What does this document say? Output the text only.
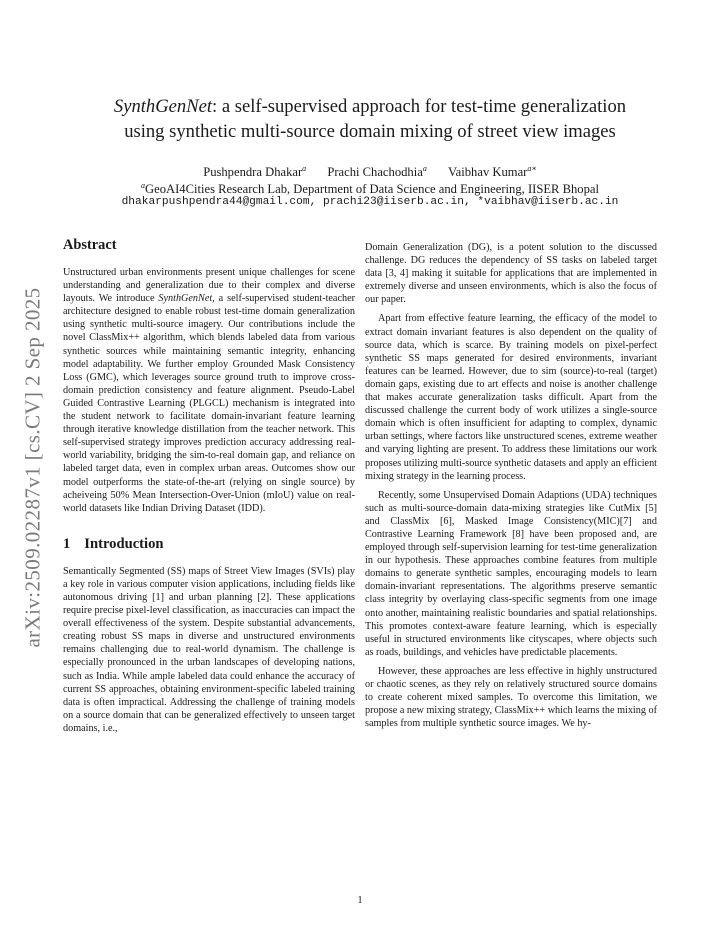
arXiv:2509.02287v1 [cs.CV] 2 Sep 2025
SynthGenNet: a self-supervised approach for test-time generalization
using synthetic multi-source domain mixing of street view images
Pushpendra Dhakar$^a$ Prachi Chachodhia$^a$ Vaibhav Kumar$^{a∗}$
$^a$GeoAI4Cities Research Lab, Department of Data Science and Engineering, IISER Bhopal
dhakarpushpendra44@gmail.com, prachi23@iiserb.ac.in, *vaibhav@iiserb.ac.in
Abstract

Unstructured urban environments present unique challenges for scene understanding and generalization due to their complex and diverse layouts. We introduce SynthGenNet, a self-supervised student-teacher architecture designed to enable robust test-time domain generalization using synthetic multi-source imagery. Our contributions include the novel ClassMix++ algorithm, which blends labeled data from various synthetic sources while maintaining semantic integrity, enhancing model adaptability. We further employ Grounded Mask Consistency Loss (GMC), which leverages source ground truth to improve cross-domain prediction consistency and feature alignment. Pseudo-Label Guided Contrastive Learning (PLGCL) mechanism is integrated into the student network to facilitate domain-invariant feature learning through iterative knowledge distillation from the teacher network. This self-supervised strategy improves prediction accuracy addressing real-world variability, bridging the sim-to-real domain gap, and reliance on labeled target data, even in complex urban areas. Outcomes show our model outperforms the state-of-the-art (relying on single source) by acheiveing 50% Mean Intersection-Over-Union (mIoU) value on real-world datasets like Indian Driving Dataset (IDD).

1 Introduction

Semantically Segmented (SS) maps of Street View Images (SVIs) play a key role in various computer vision applications, including fields like autonomous driving [1] and urban planning [2]. These applications require precise pixel-level classification, as inaccuracies can impact the overall effectiveness of the system. Despite substantial advancements, creating robust SS maps in diverse and unstructured environments remains challenging due to real-world dynamism. The challenge is especially pronounced in the urban landscapes of developing nations, such as India. While ample labeled data could enhance the accuracy of current SS approaches, obtaining environment-specific labeled training data is often impractical. Addressing the challenge of training models on a source domain that can be generalized effectively to unseen target domains, i.e.,

Domain Generalization (DG), is a potent solution to the discussed challenge. DG reduces the dependency of SS tasks on labeled target data [3, 4] making it suitable for applications that are implemented in extremely diverse and unseen environments, which is also the focus of our paper.

Apart from effective feature learning, the efficacy of the model to extract domain invariant features is also dependent on the quality of source data, which is scarce. By training models on pixel-perfect synthetic SS maps generated for desired environments, invariant features can be learned. However, due to sim (source)-to-real (target) domain gaps, existing due to art effects and noise is another challenge that makes accurate generalization tasks difficult. Apart from the discussed challenge the current body of work utilizes a single-source domain which is often insufficient for adapting to complex, dynamic urban settings, where factors like unstructured scenes, extreme weather and varying lighting are present. To address these limitations our work proposes utilizing multi-source synthetic datasets and apply an efficient mixing strategy in the learning process.

Recently, some Unsupervised Domain Adaptions (UDA) techniques such as multi-source-domain data-mixing strategies like CutMix [5] and ClassMix [6], Masked Image Consistency(MIC)[7] and Contrastive Learning Framework [8] have been proposed and, are employed through self-supervision learning for test-time generalization in our hypothesis. These approaches combine features from multiple domains to generate synthetic samples, encouraging models to learn domain-invariant representations. The algorithms preserve semantic class integrity by overlaying class-specific segments from one image onto another, maintaining realistic boundaries and spatial relationships. This promotes context-aware feature learning, which is especially useful in structured environments like cityscapes, where objects such as roads, buildings, and vehicles have predictable placements.

However, these approaches are less effective in highly unstructured or chaotic scenes, as they rely on relatively structured source domains to create coherent mixed samples. To overcome this limitation, we propose a new mixing strategy, ClassMix++ which learns the mixing of samples from multiple synthetic source images. We hy-

1
